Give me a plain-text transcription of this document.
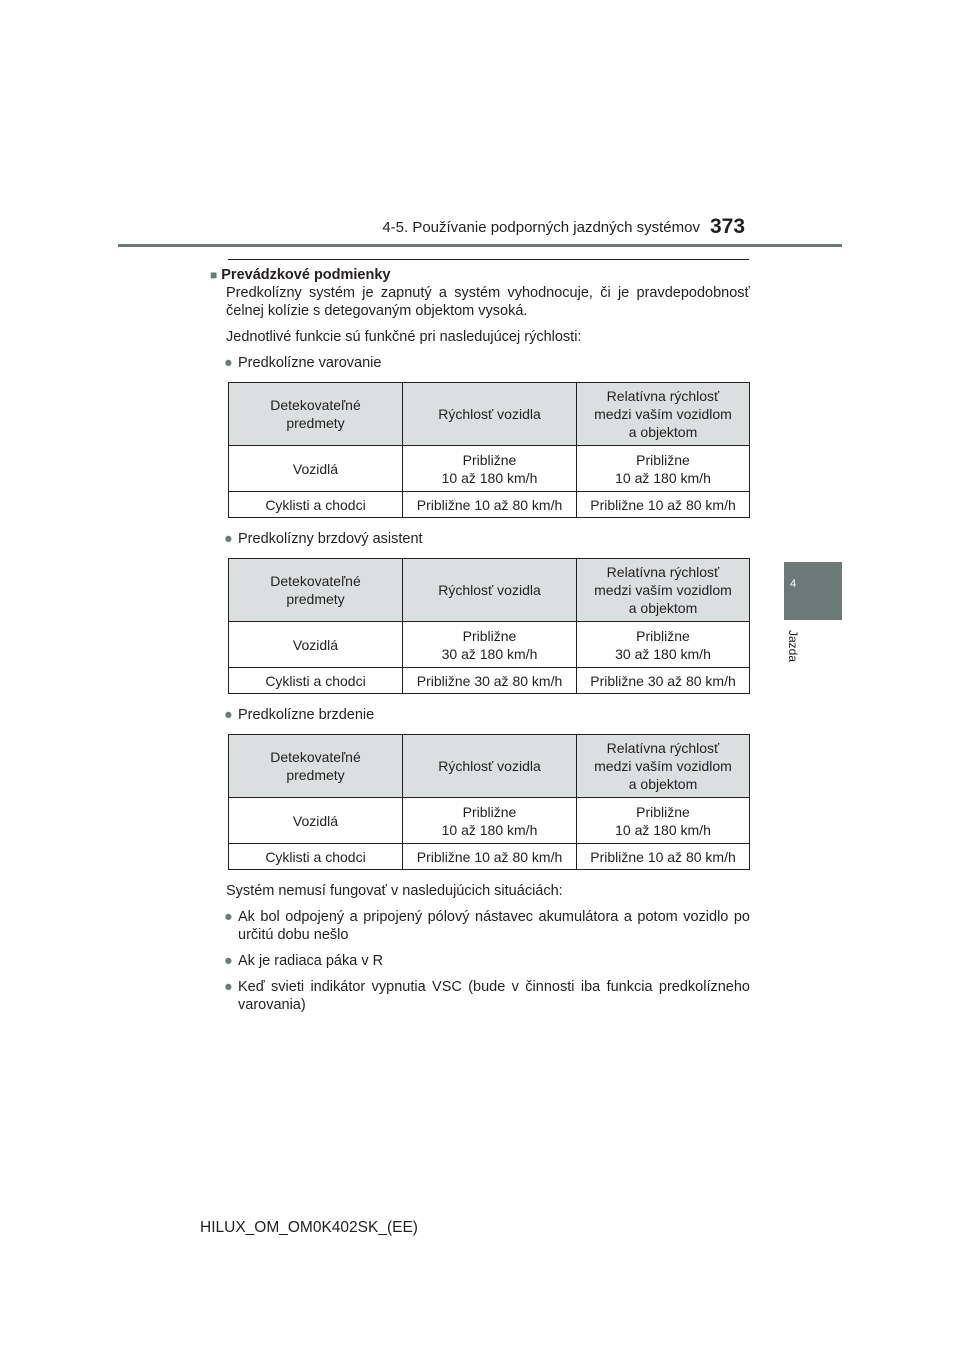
4-5. Používanie podporných jazdných systémov 373
4
Jazda

■ Prevádzkové podmienky

Predkolízny systém je zapnutý a systém vyhodnocuje, či je pravdepodobnosť čelnej kolízie s detegovaným objektom vysoká.

Jednotlivé funkcie sú funkčné pri nasledujúcej rýchlosti:

● Predkolízne varovanie

Detekovateľné
predmety	Rýchlosť vozidla	Relatívna rýchlosť
medzi vaším vozidlom
a objektom
Vozidlá	Približne
10 až 180 km/h	Približne
10 až 180 km/h
Cyklisti a chodci	Približne 10 až 80 km/h	Približne 10 až 80 km/h

● Predkolízny brzdový asistent

Detekovateľné
predmety	Rýchlosť vozidla	Relatívna rýchlosť
medzi vaším vozidlom
a objektom
Vozidlá	Približne
30 až 180 km/h	Približne
30 až 180 km/h
Cyklisti a chodci	Približne 30 až 80 km/h	Približne 30 až 80 km/h

● Predkolízne brzdenie

Detekovateľné
predmety	Rýchlosť vozidla	Relatívna rýchlosť
medzi vaším vozidlom
a objektom
Vozidlá	Približne
10 až 180 km/h	Približne
10 až 180 km/h
Cyklisti a chodci	Približne 10 až 80 km/h	Približne 10 až 80 km/h

Systém nemusí fungovať v nasledujúcich situáciách:

● Ak bol odpojený a pripojený pólový nástavec akumulátora a potom vozidlo po určitú dobu nešlo

● Ak je radiaca páka v R

● Keď svieti indikátor vypnutia VSC (bude v činnosti iba funkcia predkolízneho varovania)

HILUX_OM_OM0K402SK_(EE)
